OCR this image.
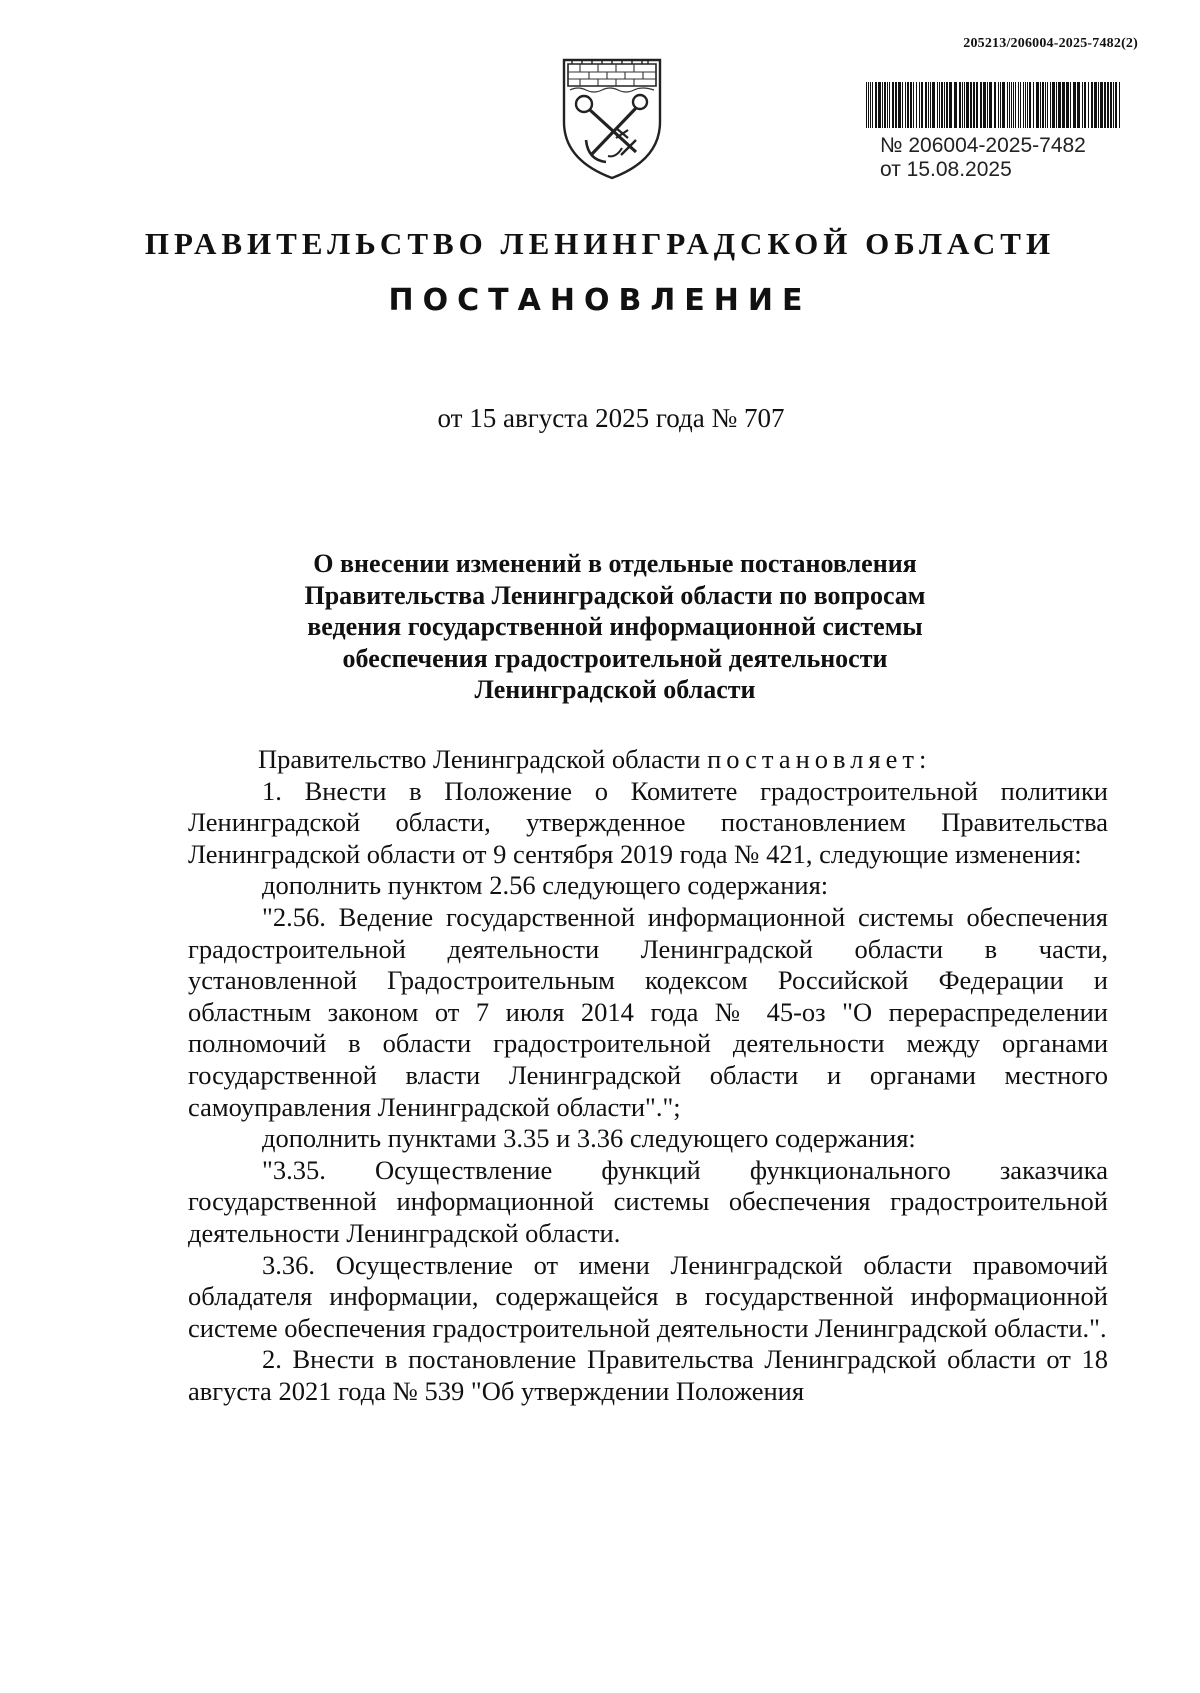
205213/206004-2025-7482(2)
№ 206004-2025-7482
от 15.08.2025
ПРАВИТЕЛЬСТВО ЛЕНИНГРАДСКОЙ ОБЛАСТИ
ПОСТАНОВЛЕНИЕ
от 15 августа 2025 года № 707
О внесении изменений в отдельные постановления
Правительства Ленинградской области по вопросам
ведения государственной информационной системы
обеспечения градостроительной деятельности
Ленинградской области

Правительство Ленинградской области постановляет:

1. Внести в Положение о Комитете градостроительной политики Ленинградской области, утвержденное постановлением Правительства Ленинградской области от 9 сентября 2019 года № 421, следующие изменения:

дополнить пунктом 2.56 следующего содержания:

"2.56. Ведение государственной информационной системы обеспечения градостроительной деятельности Ленинградской области в части, установленной Градостроительным кодексом Российской Федерации и областным законом от 7 июля 2014 года № 45-оз "О перераспределении полномочий в области градостроительной деятельности между органами государственной власти Ленинградской области и органами местного самоуправления Ленинградской области".";

дополнить пунктами 3.35 и 3.36 следующего содержания:

"3.35. Осуществление функций функционального заказчика государственной информационной системы обеспечения градостроительной деятельности Ленинградской области.

3.36. Осуществление от имени Ленинградской области правомочий обладателя информации, содержащейся в государственной информационной системе обеспечения градостроительной деятельности Ленинградской области.".

2. Внести в постановление Правительства Ленинградской области от 18 августа 2021 года № 539 "Об утверждении Положения
